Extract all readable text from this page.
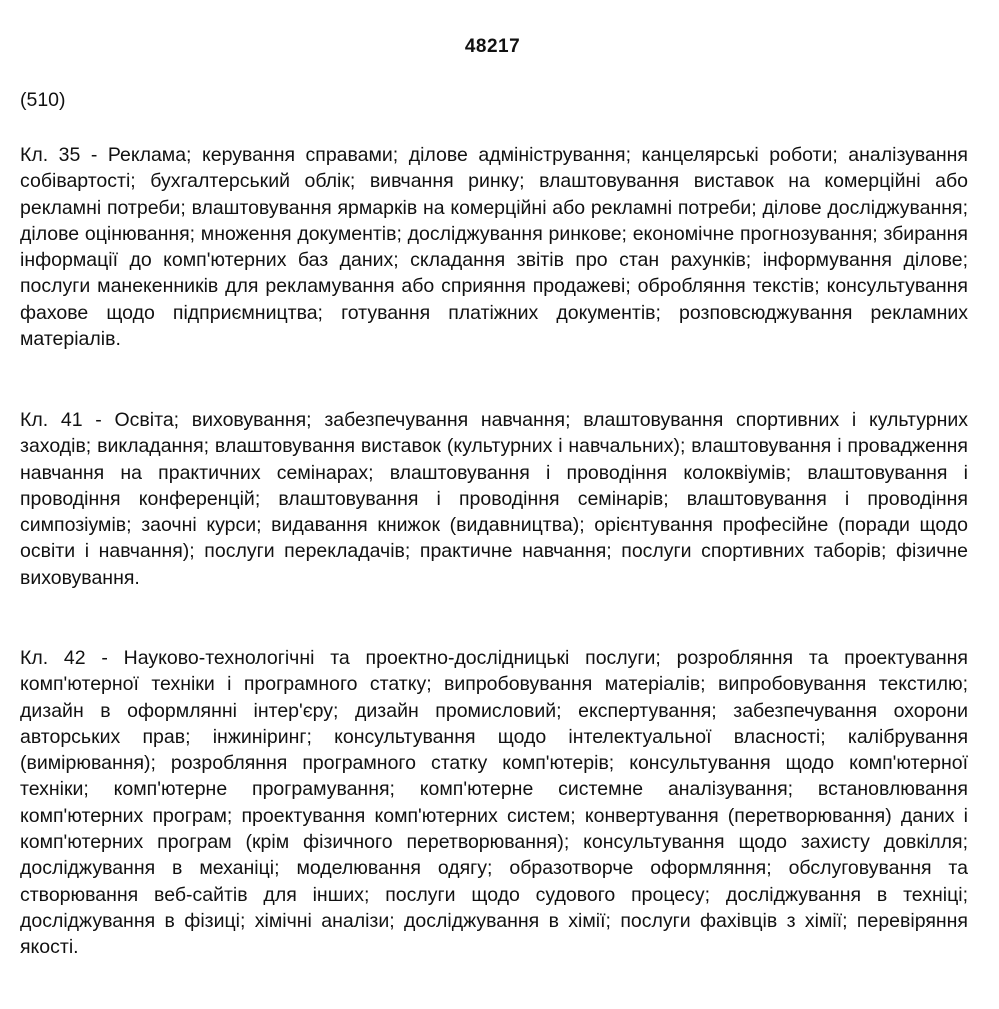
48217
(510)

Кл. 35 - Реклама; керування справами; ділове адміністрування; канцелярські роботи; аналізування собівартості; бухгалтерський облік; вивчання ринку; влаштовування виставок на комерційні або рекламні потреби; влаштовування ярмарків на комерційні або рекламні потреби; ділове досліджування; ділове оцінювання; множення документів; досліджування ринкове; економічне прогнозування; збирання інформації до комп'ютерних баз даних; складання звітів про стан рахунків; інформування ділове; послуги манекенників для рекламування або сприяння продажеві; обробляння текстів; консультування фахове щодо підприємництва; готування платіжних документів; розповсюджування рекламних матеріалів.

Кл. 41 - Освіта; виховування; забезпечування навчання; влаштовування спортивних і культурних заходів; викладання; влаштовування виставок (культурних і навчальних); влаштовування і провадження навчання на практичних семінарах; влаштовування і проводіння колоквіумів; влаштовування і проводіння конференцій; влаштовування і проводіння семінарів; влаштовування і проводіння симпозіумів; заочні курси; видавання книжок (видавництва); орієнтування професійне (поради щодо освіти і навчання); послуги перекладачів; практичне навчання; послуги спортивних таборів; фізичне виховування.

Кл. 42 - Науково-технологічні та проектно-дослідницькі послуги; розробляння та проектування комп'ютерної техніки і програмного статку; випробовування матеріалів; випробовування текстилю; дизайн в оформлянні інтер'єру; дизайн промисловий; експертування; забезпечування охорони авторських прав; інжиніринг; консультування щодо інтелектуальної власності; калібрування (вимірювання); розробляння програмного статку комп'ютерів; консультування щодо комп'ютерної техніки; комп'ютерне програмування; комп'ютерне системне аналізування; встановлювання комп'ютерних програм; проектування комп'ютерних систем; конвертування (перетворювання) даних і комп'ютерних програм (крім фізичного перетворювання); консультування щодо захисту довкілля; досліджування в механіці; моделювання одягу; образотворче оформляння; обслуговування та створювання веб-сайтів для інших; послуги щодо судового процесу; досліджування в техніці; досліджування в фізиці; хімічні аналізи; досліджування в хімії; послуги фахівців з хімії; перевіряння якості.
